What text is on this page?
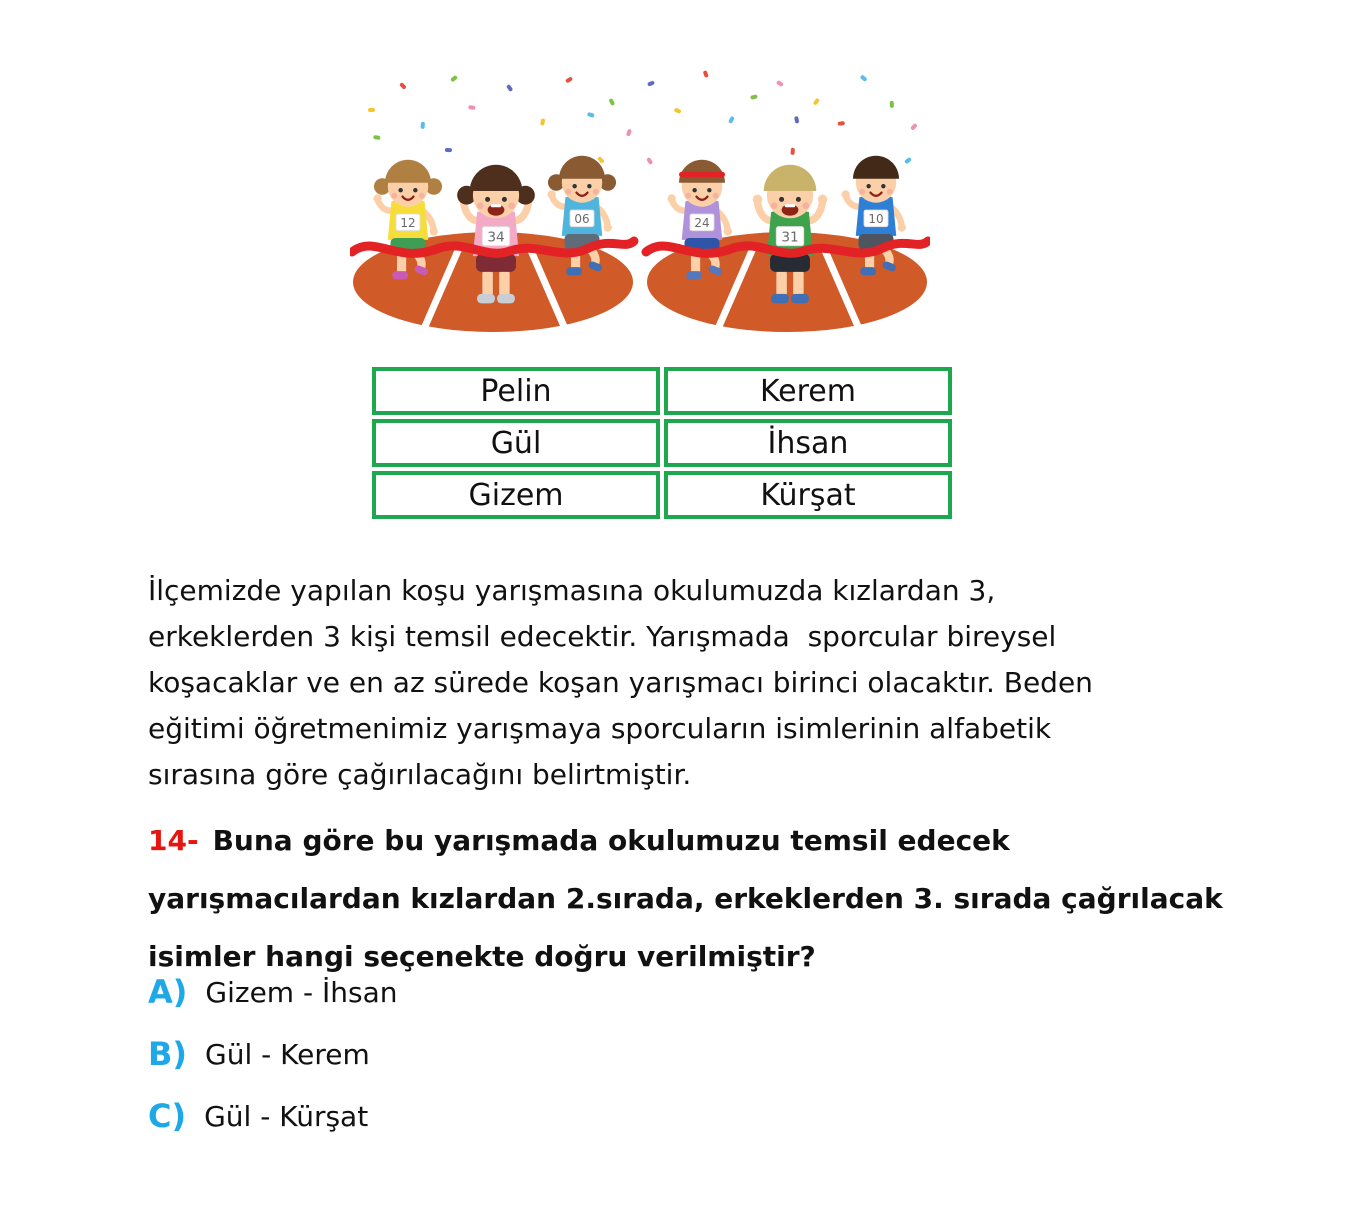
12
34
06	24
31
10
Pelin	Kerem
Gül	İhsan
Gizem	Kürşat
İlçemizde yapılan koşu yarışmasına okulumuzda kızlardan 3,
erkeklerden 3 kişi temsil edecektir. Yarışmada  sporcular bireysel
koşacaklar ve en az sürede koşan yarışmacı birinci olacaktır. Beden
eğitimi öğretmenimiz yarışmaya sporcuların isimlerinin alfabetik
sırasına göre çağırılacağını belirtmiştir.
14- Buna göre bu yarışmada okulumuzu temsil edecek
yarışmacılardan kızlardan 2.sırada, erkeklerden 3. sırada çağrılacak
isimler hangi seçenekte doğru verilmiştir?
A) Gizem - İhsan
B) Gül - Kerem
C) Gül - Kürşat
